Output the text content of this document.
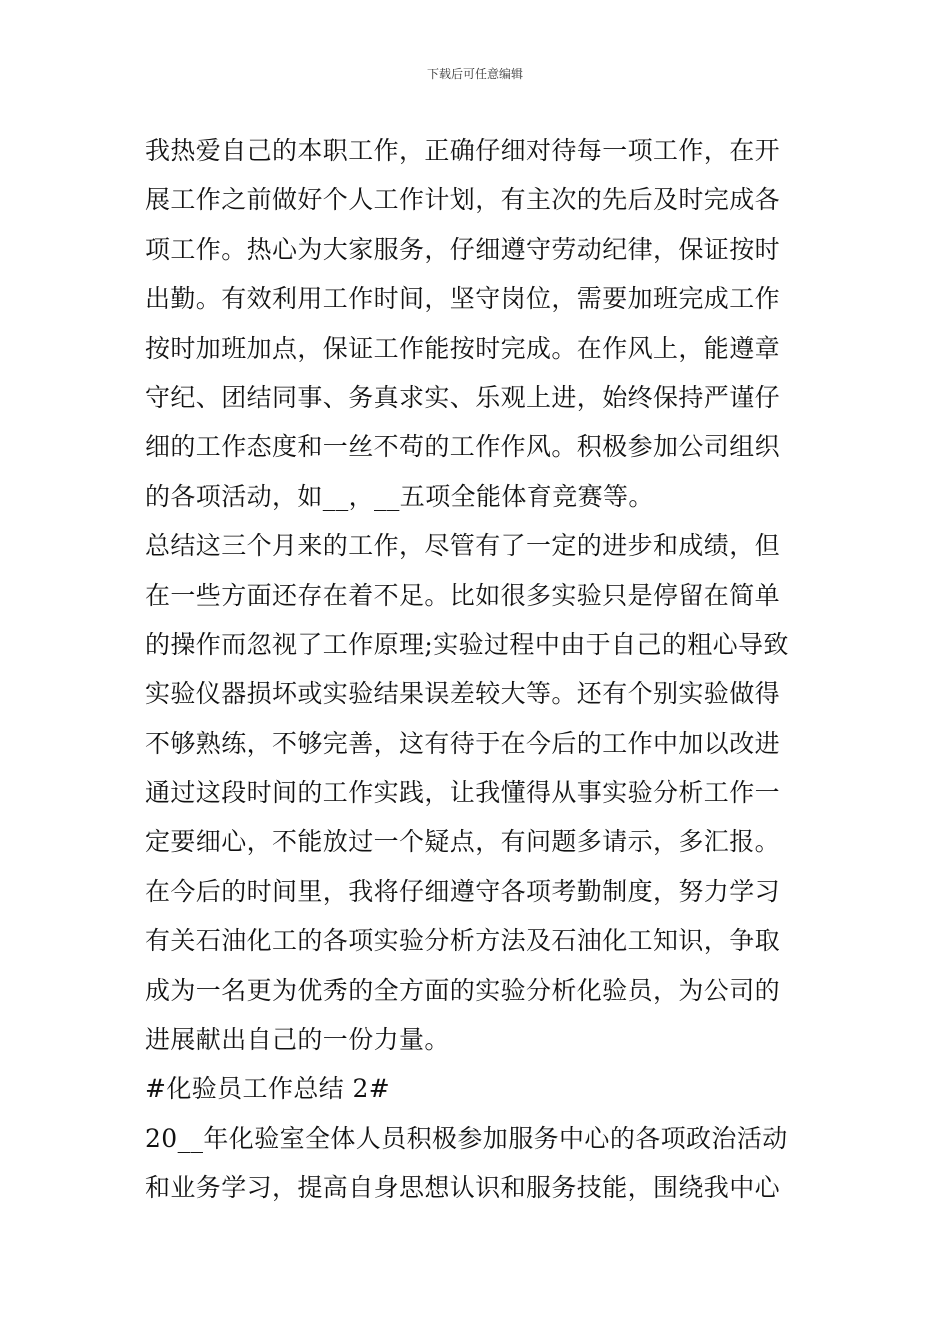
下载后可任意编辑
我热爱自己的本职工作，正确仔细对待每一项工作，在开
展工作之前做好个人工作计划，有主次的先后及时完成各
项工作。热心为大家服务，仔细遵守劳动纪律，保证按时
出勤。有效利用工作时间，坚守岗位，需要加班完成工作
按时加班加点，保证工作能按时完成。在作风上，能遵章
守纪、团结同事、务真求实、乐观上进，始终保持严谨仔
细的工作态度和一丝不苟的工作作风。积极参加公司组织
的各项活动，如__，__五项全能体育竞赛等。
总结这三个月来的工作，尽管有了一定的进步和成绩，但
在一些方面还存在着不足。比如很多实验只是停留在简单
的操作而忽视了工作原理;实验过程中由于自己的粗心导致
实验仪器损坏或实验结果误差较大等。还有个别实验做得
不够熟练，不够完善，这有待于在今后的工作中加以改进
通过这段时间的工作实践，让我懂得从事实验分析工作一
定要细心，不能放过一个疑点，有问题多请示，多汇报。
在今后的时间里，我将仔细遵守各项考勤制度，努力学习
有关石油化工的各项实验分析方法及石油化工知识，争取
成为一名更为优秀的全方面的实验分析化验员，为公司的
进展献出自己的一份力量。
#化验员工作总结 2#
20__年化验室全体人员积极参加服务中心的各项政治活动
和业务学习，提高自身思想认识和服务技能，围绕我中心
